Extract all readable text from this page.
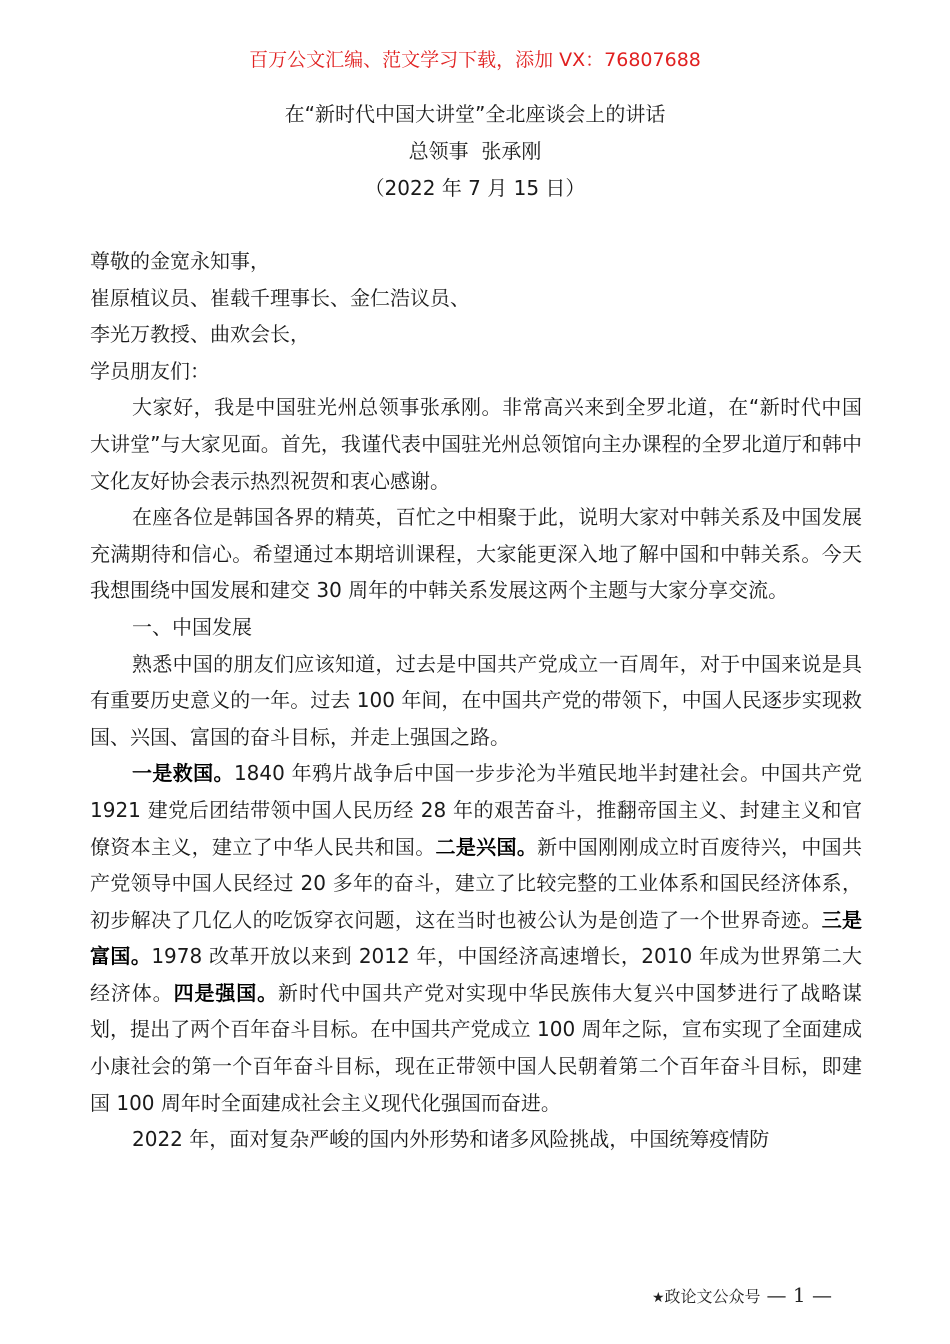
百万公文汇编、范文学习下载，添加 VX：76807688
在“新时代中国大讲堂”全北座谈会上的讲话
总领事  张承刚
（2022 年 7 月 15 日）

尊敬的金宽永知事，

崔原植议员、崔载千理事长、金仁浩议员、

李光万教授、曲欢会长，

学员朋友们：

大家好，我是中国驻光州总领事张承刚。非常高兴来到全罗北道，在“新时代中国大讲堂”与大家见面。首先，我谨代表中国驻光州总领馆向主办课程的全罗北道厅和韩中文化友好协会表示热烈祝贺和衷心感谢。

在座各位是韩国各界的精英，百忙之中相聚于此，说明大家对中韩关系及中国发展充满期待和信心。希望通过本期培训课程，大家能更深入地了解中国和中韩关系。今天我想围绕中国发展和建交 30 周年的中韩关系发展这两个主题与大家分享交流。

一、中国发展

熟悉中国的朋友们应该知道，过去是中国共产党成立一百周年，对于中国来说是具有重要历史意义的一年。过去 100 年间，在中国共产党的带领下，中国人民逐步实现救国、兴国、富国的奋斗目标，并走上强国之路。

一是救国。1840 年鸦片战争后中国一步步沦为半殖民地半封建社会。中国共产党 1921 建党后团结带领中国人民历经 28 年的艰苦奋斗，推翻帝国主义、封建主义和官僚资本主义，建立了中华人民共和国。二是兴国。新中国刚刚成立时百废待兴，中国共产党领导中国人民经过 20 多年的奋斗，建立了比较完整的工业体系和国民经济体系，初步解决了几亿人的吃饭穿衣问题，这在当时也被公认为是创造了一个世界奇迹。三是富国。1978 改革开放以来到 2012 年，中国经济高速增长，2010 年成为世界第二大经济体。四是强国。新时代中国共产党对实现中华民族伟大复兴中国梦进行了战略谋划，提出了两个百年奋斗目标。在中国共产党成立 100 周年之际，宣布实现了全面建成小康社会的第一个百年奋斗目标，现在正带领中国人民朝着第二个百年奋斗目标，即建国 100 周年时全面建成社会主义现代化强国而奋进。

2022 年，面对复杂严峻的国内外形势和诸多风险挑战，中国统筹疫情防

★政论文公众号 — 1 —
